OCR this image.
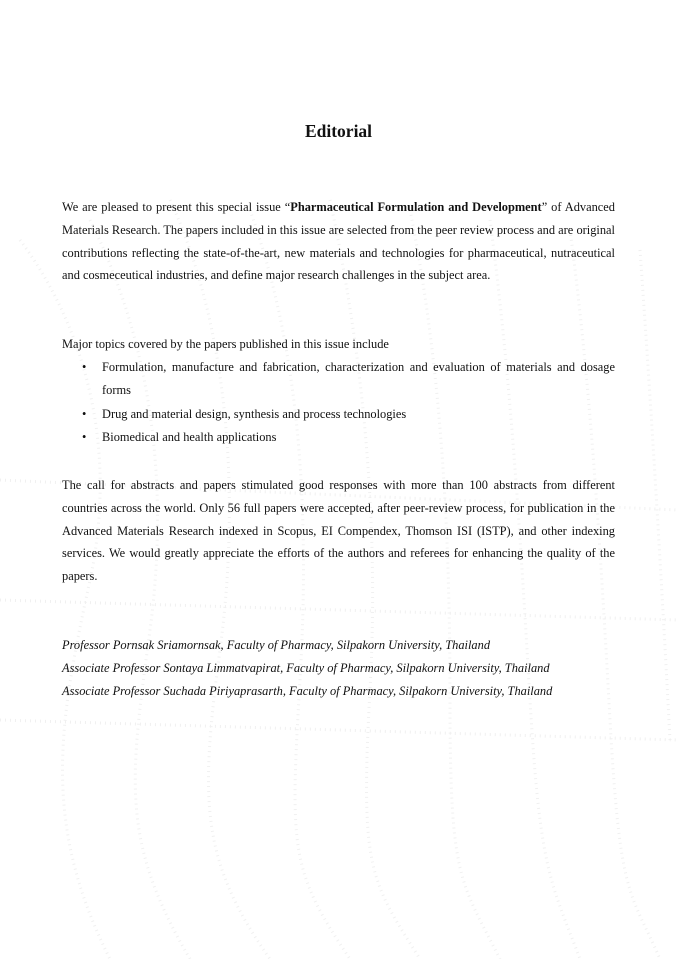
Editorial

We are pleased to present this special issue “Pharmaceutical Formulation and Development” of Advanced Materials Research. The papers included in this issue are selected from the peer review process and are original contributions reflecting the state-of-the-art, new materials and technologies for pharmaceutical, nutraceutical and cosmeceutical industries, and define major research challenges in the subject area.

Major topics covered by the papers published in this issue include

• Formulation, manufacture and fabrication, characterization and evaluation of materials and dosage forms
• Drug and material design, synthesis and process technologies
• Biomedical and health applications

The call for abstracts and papers stimulated good responses with more than 100 abstracts from different countries across the world. Only 56 full papers were accepted, after peer-review process, for publication in the Advanced Materials Research indexed in Scopus, EI Compendex, Thomson ISI (ISTP), and other indexing services. We would greatly appreciate the efforts of the authors and referees for enhancing the quality of the papers.

Professor Pornsak Sriamornsak, Faculty of Pharmacy, Silpakorn University, Thailand
Associate Professor Sontaya Limmatvapirat, Faculty of Pharmacy, Silpakorn University, Thailand
Associate Professor Suchada Piriyaprasarth, Faculty of Pharmacy, Silpakorn University, Thailand
